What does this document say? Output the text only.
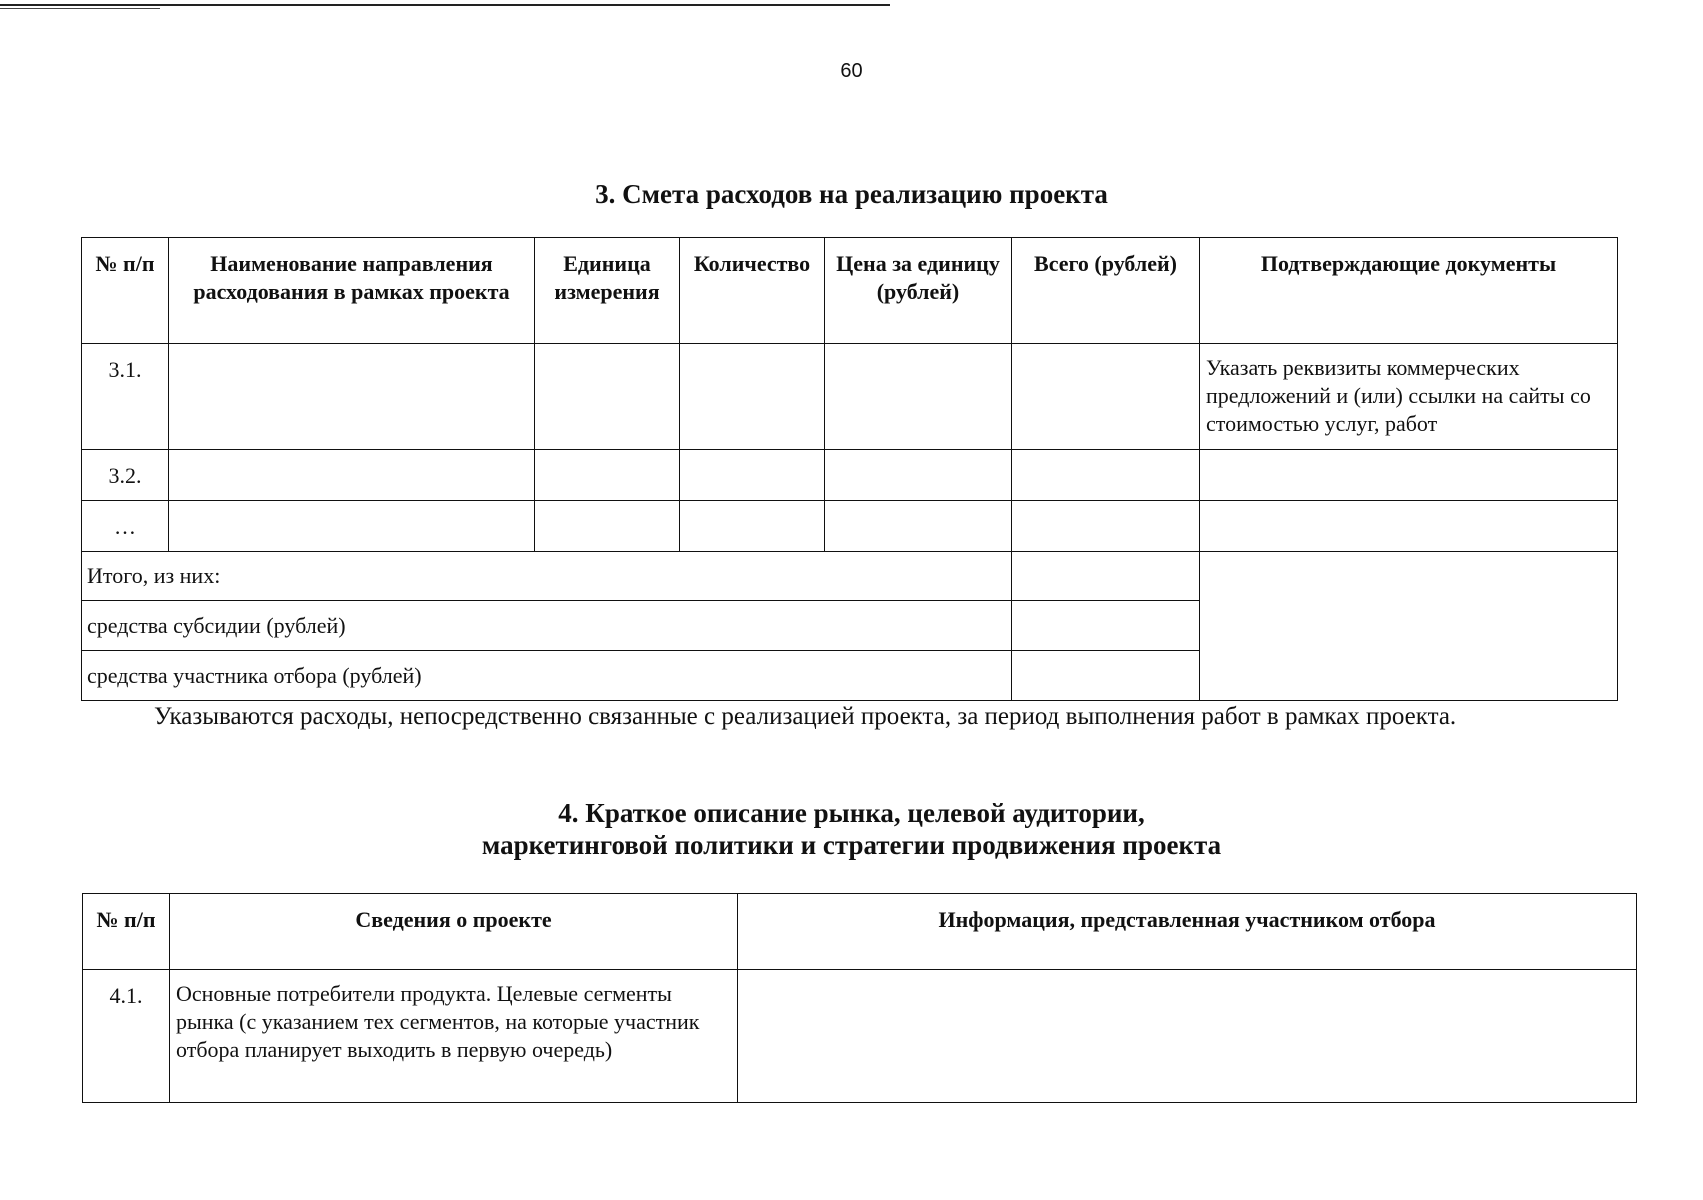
60
3. Смета расходов на реализацию проекта
№ п/п	Наименование направления расходования в рамках проекта	Единица измерения	Количество	Цена за единицу (рублей)	Всего (рублей)	Подтверждающие документы
3.1.						Указать реквизиты коммерческих предложений и (или) ссылки на сайты со стоимостью услуг, работ
3.2.						
…						
Итого, из них:						
средства субсидии (рублей)						
средства участника отбора (рублей)						

Указываются расходы, непосредственно связанные с реализацией проекта, за период выполнения работ в рамках проекта.

4. Краткое описание рынка, целевой аудитории,
маркетинговой политики и стратегии продвижения проекта
№ п/п	Сведения о проекте	Информация, представленная участником отбора
4.1.	Основные потребители продукта. Целевые сегменты рынка (с указанием тех сегментов, на которые участник отбора планирует выходить в первую очередь)	
